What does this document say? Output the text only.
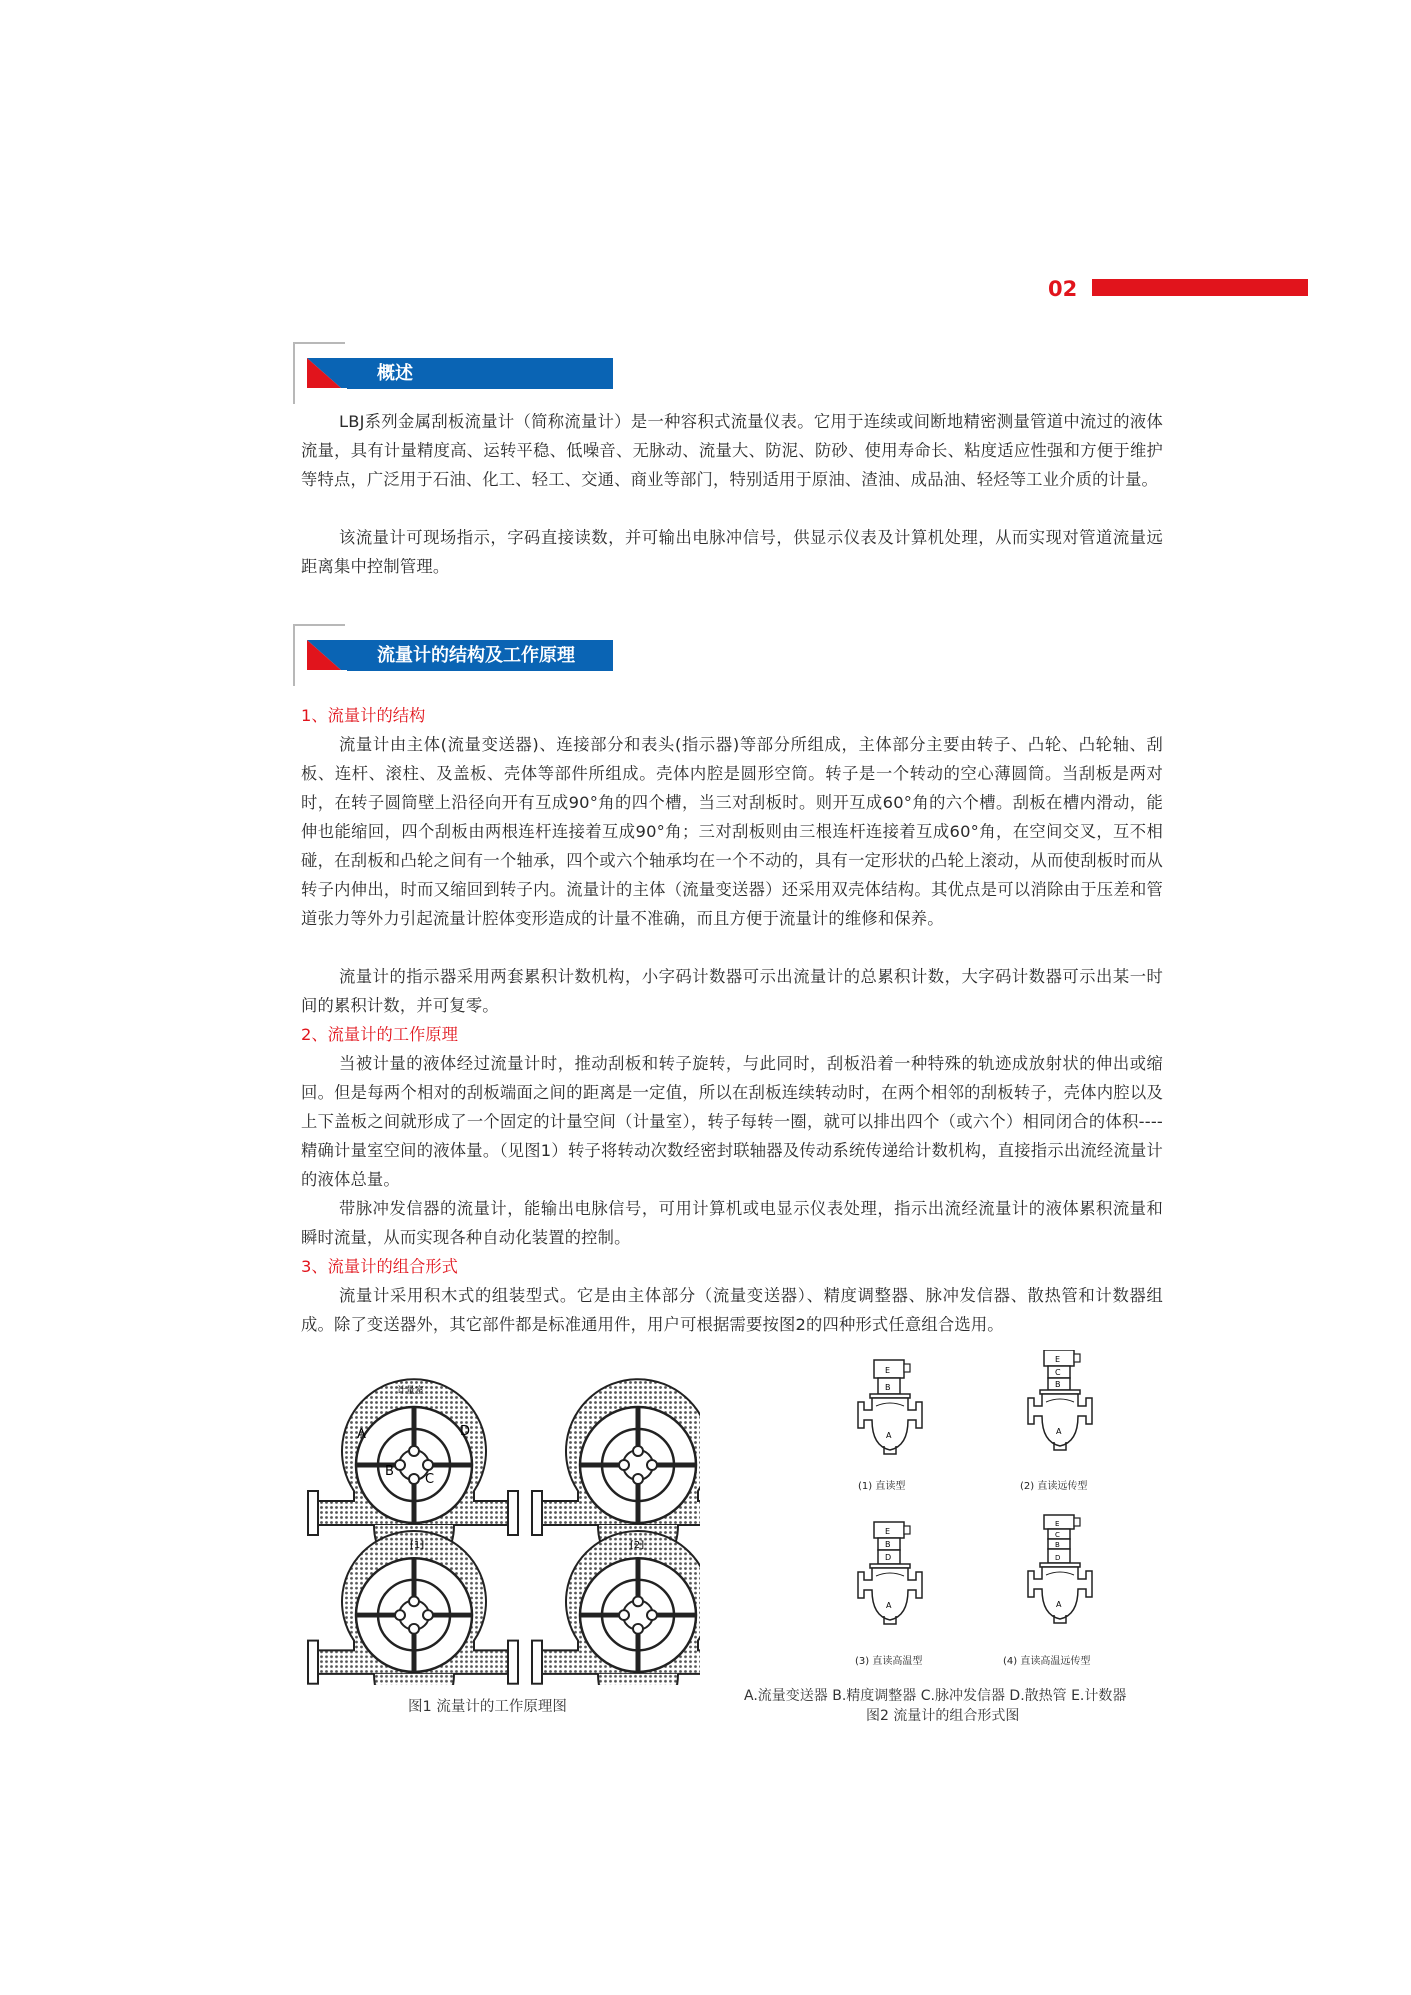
02
概述

LBJ系列金属刮板流量计（简称流量计）是一种容积式流量仪表。它用于连续或间断地精密测量管道中流过的液体流量，具有计量精度高、运转平稳、低噪音、无脉动、流量大、防泥、防砂、使用寿命长、粘度适应性强和方便于维护等特点，广泛用于石油、化工、轻工、交通、商业等部门，特别适用于原油、渣油、成品油、轻烃等工业介质的计量。

该流量计可现场指示，字码直接读数，并可输出电脉冲信号，供显示仪表及计算机处理，从而实现对管道流量远距离集中控制管理。

流量计的结构及工作原理
1、流量计的结构

流量计由主体(流量变送器)、连接部分和表头(指示器)等部分所组成，主体部分主要由转子、凸轮、凸轮轴、刮板、连杆、滚柱、及盖板、壳体等部件所组成。壳体内腔是圆形空筒。转子是一个转动的空心薄圆筒。当刮板是两对时，在转子圆筒壁上沿径向开有互成90°角的四个槽，当三对刮板时。则开互成60°角的六个槽。刮板在槽内滑动，能伸也能缩回，四个刮板由两根连杆连接着互成90°角；三对刮板则由三根连杆连接着互成60°角，在空间交叉，互不相碰，在刮板和凸轮之间有一个轴承，四个或六个轴承均在一个不动的，具有一定形状的凸轮上滚动，从而使刮板时而从转子内伸出，时而又缩回到转子内。流量计的主体（流量变送器）还采用双壳体结构。其优点是可以消除由于压差和管道张力等外力引起流量计腔体变形造成的计量不准确，而且方便于流量计的维修和保养。

流量计的指示器采用两套累积计数机构，小字码计数器可示出流量计的总累积计数，大字码计数器可示出某一时间的累积计数，并可复零。

2、流量计的工作原理

当被计量的液体经过流量计时，推动刮板和转子旋转，与此同时，刮板沿着一种特殊的轨迹成放射状的伸出或缩回。但是每两个相对的刮板端面之间的距离是一定值，所以在刮板连续转动时，在两个相邻的刮板转子，壳体内腔以及上下盖板之间就形成了一个固定的计量空间（计量室），转子每转一圈，就可以排出四个（或六个）相同闭合的体积----精确计量室空间的液体量。（见图1）转子将转动次数经密封联轴器及传动系统传递给计数机构，直接指示出流经流量计的液体总量。

带脉冲发信器的流量计，能输出电脉信号，可用计算机或电显示仪表处理，指示出流经流量计的液体累积流量和瞬时流量，从而实现各种自动化装置的控制。

3、流量计的组合形式

流量计采用积木式的组装型式。它是由主体部分（流量变送器）、精度调整器、脉冲发信器、散热管和计数器组成。除了变送器外，其它部件都是标准通用件，用户可根据需要按图2的四种形式任意组合选用。

[1]	[2]
计量室
A
B
C
D
图1 流量计的工作原理图
E
B
A
E
C
B
A
E
B
D
A
E
C
B
D
A
(1) 直读型	(2) 直读远传型
(3) 直读高温型	(4) 直读高温远传型
A.流量变送器 B.精度调整器 C.脉冲发信器 D.散热管 E.计数器
图2 流量计的组合形式图
